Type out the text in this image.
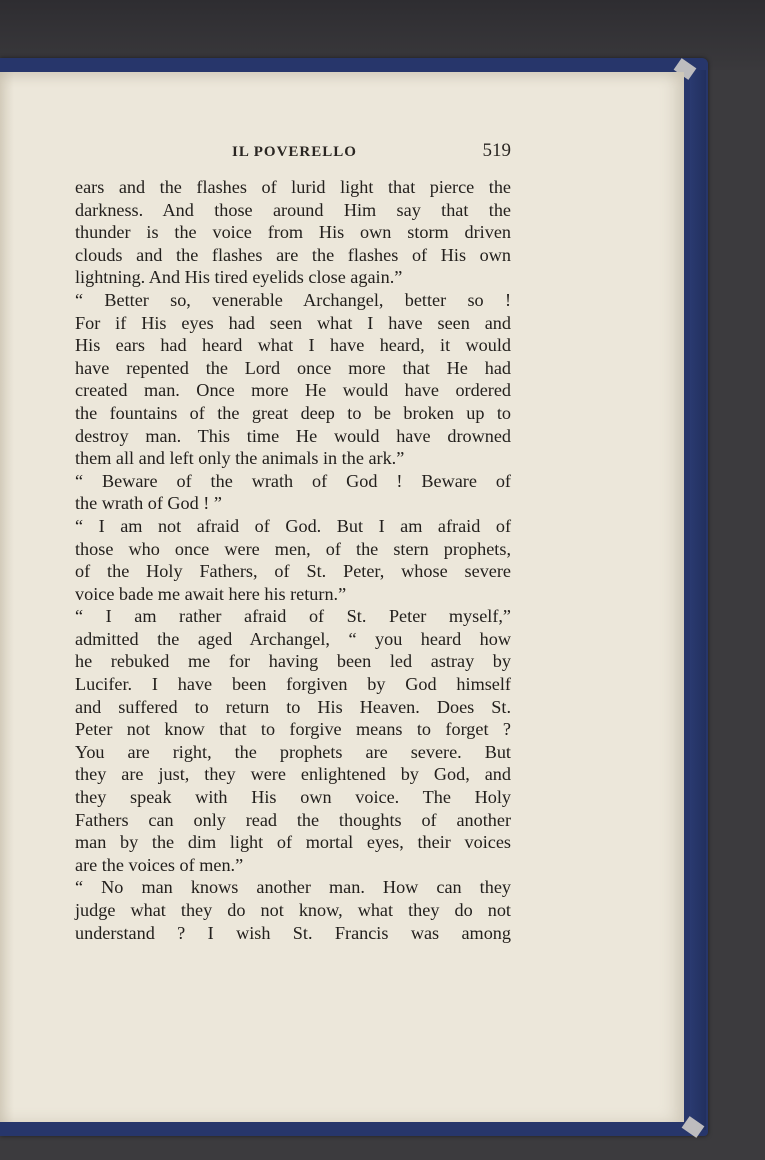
IL POVERELLO	519
ears and the flashes of lurid light that pierce the
darkness. And those around Him say that the
thunder is the voice from His own storm driven
clouds and the flashes are the flashes of His own
lightning. And His tired eyelids close again.”
“ Better so, venerable Archangel, better so !
For if His eyes had seen what I have seen and
His ears had heard what I have heard, it would
have repented the Lord once more that He had
created man. Once more He would have ordered
the fountains of the great deep to be broken up to
destroy man. This time He would have drowned
them all and left only the animals in the ark.”
“ Beware of the wrath of God ! Beware of
the wrath of God ! ”
“ I am not afraid of God. But I am afraid of
those who once were men, of the stern prophets,
of the Holy Fathers, of St. Peter, whose severe
voice bade me await here his return.”
“ I am rather afraid of St. Peter myself,”
admitted the aged Archangel, “ you heard how
he rebuked me for having been led astray by
Lucifer. I have been forgiven by God himself
and suffered to return to His Heaven. Does St.
Peter not know that to forgive means to forget ?
You are right, the prophets are severe. But
they are just, they were enlightened by God, and
they speak with His own voice. The Holy
Fathers can only read the thoughts of another
man by the dim light of mortal eyes, their voices
are the voices of men.”
“ No man knows another man. How can they
judge what they do not know, what they do not
understand ? I wish St. Francis was among
